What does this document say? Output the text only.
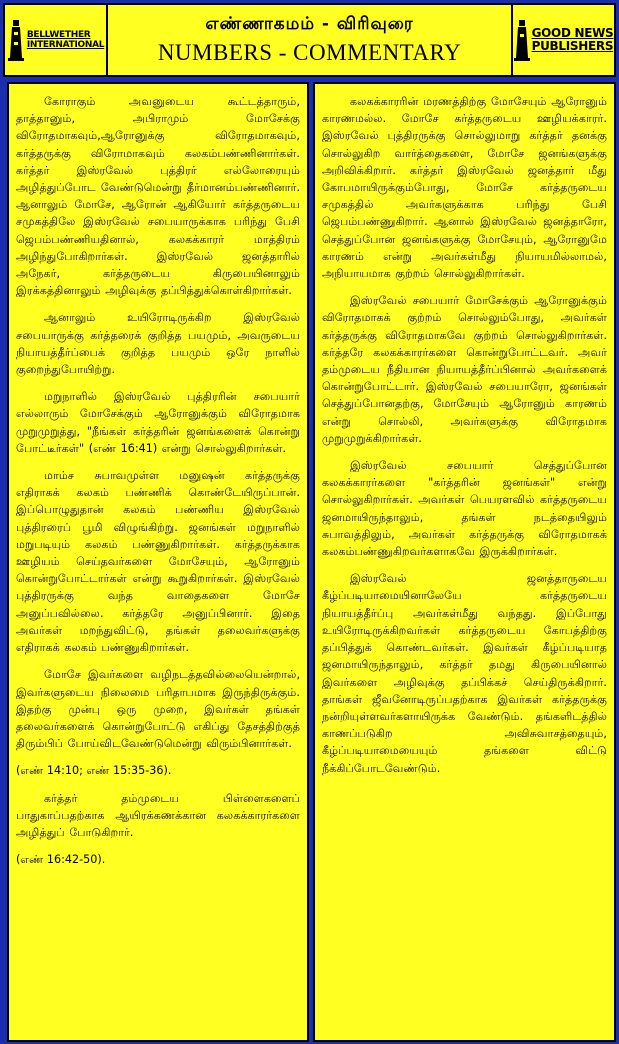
BELLWETHER
INTERNATIONAL
எண்ணாகமம் - விரிவுரை
NUMBERS - COMMENTARY
GOOD NEWS
PUBLISHERS
கோராகும் அவனுடைய கூட்டத்தாரும், தாத்தானும், அபிராமும் மோசேக்கு விரோதமாகவும்,ஆரோனுக்கு விரோதமாகவும், கர்த்தருக்கு விரோமாகவும் கலகம்பண்ணினார்கள். கர்த்தர் இஸ்ரவேல் புத்திரர் எல்லோரையும் அழித்துப்போட வேண்டுமென்று தீர்மானம்பண்ணினார். ஆனாலும் மோசே, ஆரோன் ஆகியோர் கர்த்தருடைய சமுகத்திலே இஸ்ரவேல் சபையாருக்காக பரிந்து பேசி ஜெபம்பண்ணியதினால், கலகக்காரர் மாத்திரம் அழிந்துபோகிறார்கள். இஸ்ரவேல் ஜனத்தாரில் அநேகர், கர்த்தருடைய கிருபையினாலும் இரக்கத்தினாலும் அழிவுக்கு தப்பித்துக்கொள்கிறார்கள்.
ஆனாலும் உயிரோடிருக்கிற இஸ்ரவேல் சபையாருக்கு கர்த்தரைக் குறித்த பயமும், அவருடைய நியாயத்தீர்ப்பைக் குறித்த பயமும் ஒரே நாளில் குறைந்துபோயிற்று.
மறுநாளில் இஸ்ரவேல் புத்திரரின் சபையார் எல்லாரும் மோசேக்கும் ஆரோனுக்கும் விரோதமாக முறுமுறுத்து, "நீங்கள் கர்த்தரின் ஜனங்களைக் கொன்று போட்டீர்கள்" (எண் 16:41) என்று சொல்லுகிறார்கள்.
மாம்ச சுபாவமுள்ள மனுஷன் கர்த்தருக்கு எதிராகக் கலகம் பண்ணிக் கொண்டேயிருப்பான். இப்பொழுதுதான் கலகம் பண்ணிய இஸ்ரவேல் புத்திரரைப் பூமி விழுங்கிற்று. ஜனங்கள் மறுநாளில் மறுபடியும் கலகம் பண்ணுகிறார்கள். கர்த்தருக்காக ஊழியம் செய்தவர்களை மோசேயும், ஆரோனும் கொன்றுபோட்டார்கள் என்று கூறுகிறார்கள். இஸ்ரவேல் புத்திரருக்கு வந்த வாதைகளை மோசே அனுப்பவில்லை. கர்த்தரே அனுப்பினார். இதை அவர்கள் மறந்துவிட்டு, தங்கள் தலைவர்களுக்கு எதிராகக் கலகம் பண்ணுகிறார்கள்.
மோசே இவர்களை வழிநடத்தவில்லையென்றால், இவர்களுடைய நிலைமை பரிதாபமாக இருந்திருக்கும். இதற்கு முன்பு ஒரு முறை, இவர்கள் தங்கள் தலைவர்களைக் கொன்றுபோட்டு எகிப்து தேசத்திற்குத் திரும்பிப் போய்விடவேண்டுமென்று விரும்பினார்கள்.
(எண் 14:10; எண் 15:35-36).
கர்த்தர் தம்முடைய பிள்ளைகளைப் பாதுகாப்பதற்காக ஆயிரக்கணக்கான கலகக்காரர்களை அழித்துப் போடுகிறார்.
(எண் 16:42-50).
கலகக்காரரின் மரணத்திற்கு மோசேயும் ஆரோனும் காரணமல்ல. மோசே கர்த்தருடைய ஊழியக்காரர். இஸ்ரவேல் புத்திரருக்கு சொல்லுமாறு கர்த்தர் தனக்கு சொல்லுகிற வார்த்தைகளை, மோசே ஜனங்களுக்கு அறிவிக்கிறார். கர்த்தர் இஸ்ரவேல் ஜனத்தார் மீது கோபமாயிருக்கும்போது, மோசே கர்த்தருடைய சமுகத்தில் அவர்களுக்காக பரிந்து பேசி ஜெபம்பண்ணுகிறார். ஆனால் இஸ்ரவேல் ஜனத்தாரோ, செத்துப்போன ஜனங்களுக்கு மோசேயும், ஆரோனுமே காரணம் என்று அவர்கள்மீது நியாயமில்லாமல், அநியாயமாக குற்றம் சொல்லுகிறார்கள்.
இஸ்ரவேல் சபையார் மோசேக்கும் ஆரோனுக்கும் விரோதமாகக் குற்றம் சொல்லும்போது, அவர்கள் கர்த்தருக்கு விரோதமாகவே குற்றம் சொல்லுகிறார்கள். கர்த்தரே கலகக்காரர்களை கொன்றுபோட்டவர். அவர் தம்முடைய நீதியான நியாயத்தீர்ப்பினால் அவர்களைக் கொன்றுபோட்டார். இஸ்ரவேல் சபையாரோ, ஜனங்கள் செத்துப்போனதற்கு, மோசேயும் ஆரோனும் காரணம் என்று சொல்லி, அவர்களுக்கு விரோதமாக முறுமுறுக்கிறார்கள்.
இஸ்ரவேல் சபையார் செத்துப்போன கலகக்காரர்களை "கர்த்தரின் ஜனங்கள்" என்று சொல்லுகிறார்கள். அவர்கள் பெயரளவில் கர்த்தருடைய ஜனமாயிருந்தாலும், தங்கள் நடத்தையிலும் சுபாவத்திலும், அவர்கள் கர்த்தருக்கு விரோதமாகக் கலகம்பண்ணுகிறவர்களாகவே இருக்கிறார்கள்.
இஸ்ரவேல் ஜனத்தாருடைய கீழ்ப்படியாமையினாலேயே கர்த்தருடைய நியாயத்தீர்ப்பு அவர்கள்மீது வந்தது. இப்போது உயிரோடிருக்கிறவர்கள் கர்த்தருடைய கோபத்திற்கு தப்பித்துக் கொண்டவர்கள். இவர்கள் கீழ்ப்படியாத ஜனமாயிருந்தாலும், கர்த்தர் தமது கிருபையினால் இவர்களை அழிவுக்கு தப்பிக்கச் செய்திருக்கிறார். தாங்கள் ஜீவனோடிருப்பதற்காக இவர்கள் கர்த்தருக்கு நன்றியுள்ளவர்களாயிருக்க வேண்டும். தங்களிடத்தில் காணப்படுகிற அவிசுவாசத்தையும், கீழ்ப்படியாமையையும் தங்களை விட்டு நீக்கிப்போடவேண்டும்.
